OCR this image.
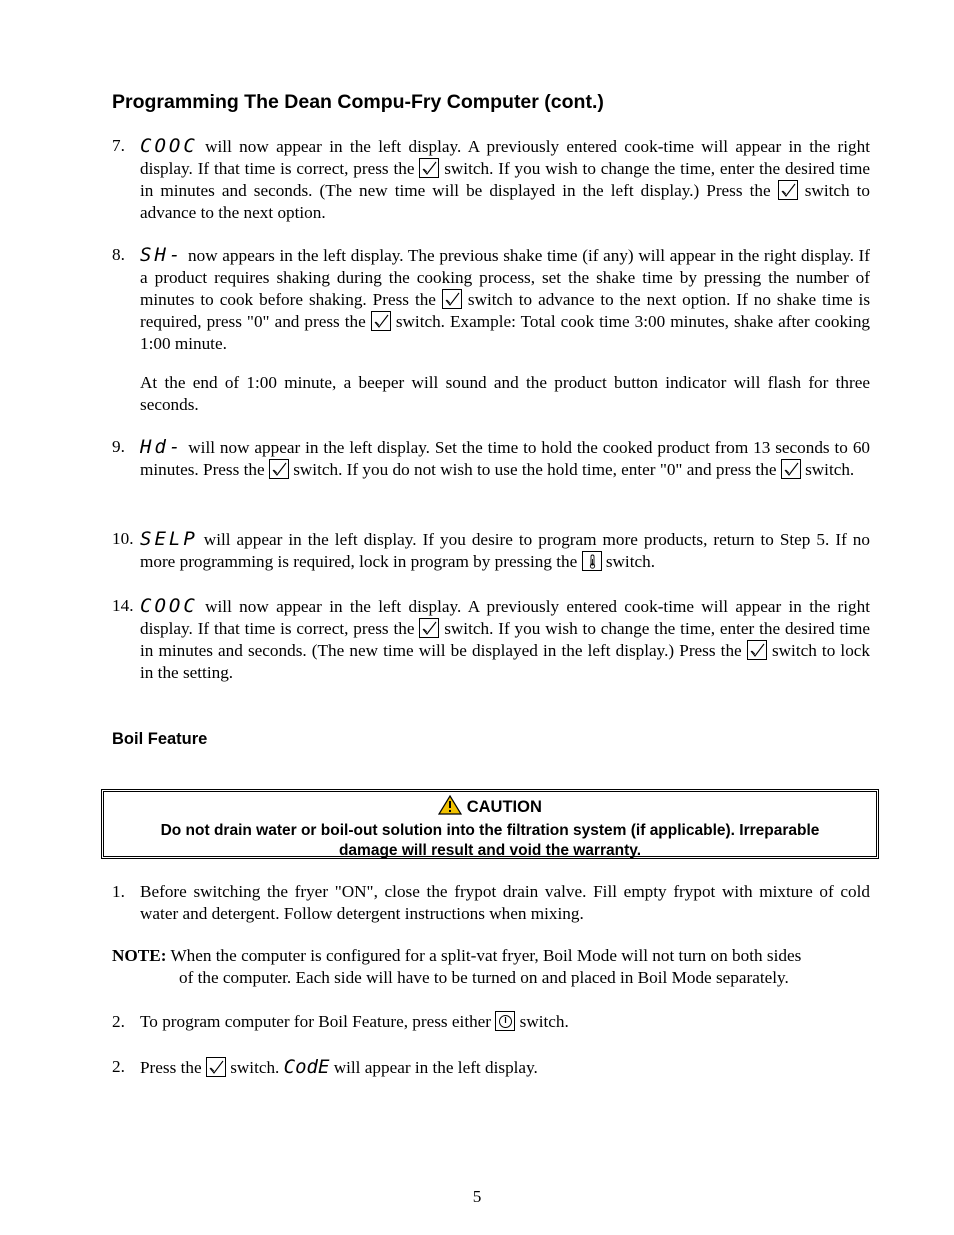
Programming The Dean Compu-Fry Computer (cont.)
7. COOC will now appear in the left display. A previously entered cook-time will appear in the right display. If that time is correct, press the switch. If you wish to change the time, enter the desired time in minutes and seconds. (The new time will be displayed in the left display.) Press the switch to advance to the next option.
8. SH- now appears in the left display. The previous shake time (if any) will appear in the right display. If a product requires shaking during the cooking process, set the shake time by pressing the number of minutes to cook before shaking. Press the switch to advance to the next option. If no shake time is required, press "0" and press the switch. Example: Total cook time 3:00 minutes, shake after cooking 1:00 minute.

At the end of 1:00 minute, a beeper will sound and the product button indicator will flash for three seconds.

9. Hd- will now appear in the left display. Set the time to hold the cooked product from 13 seconds to 60 minutes. Press the switch. If you do not wish to use the hold time, enter "0" and press the switch.
10. SELP will appear in the left display. If you desire to program more products, return to Step 5. If no more programming is required, lock in program by pressing the switch.
14. COOC will now appear in the left display. A previously entered cook-time will appear in the right display. If that time is correct, press the switch. If you wish to change the time, enter the desired time in minutes and seconds. (The new time will be displayed in the left display.) Press the switch to lock in the setting.
Boil Feature
CAUTION
Do not drain water or boil-out solution into the filtration system (if applicable). Irreparable
damage will result and void the warranty.
1. Before switching the fryer "ON", close the frypot drain valve. Fill empty frypot with mixture of cold water and detergent. Follow detergent instructions when mixing.
NOTE: When the computer is configured for a split-vat fryer, Boil Mode will not turn on both sides
of the computer. Each side will have to be turned on and placed in Boil Mode separately.
2. To program computer for Boil Feature, press either switch.
2. Press the switch. CodE will appear in the left display.
5
